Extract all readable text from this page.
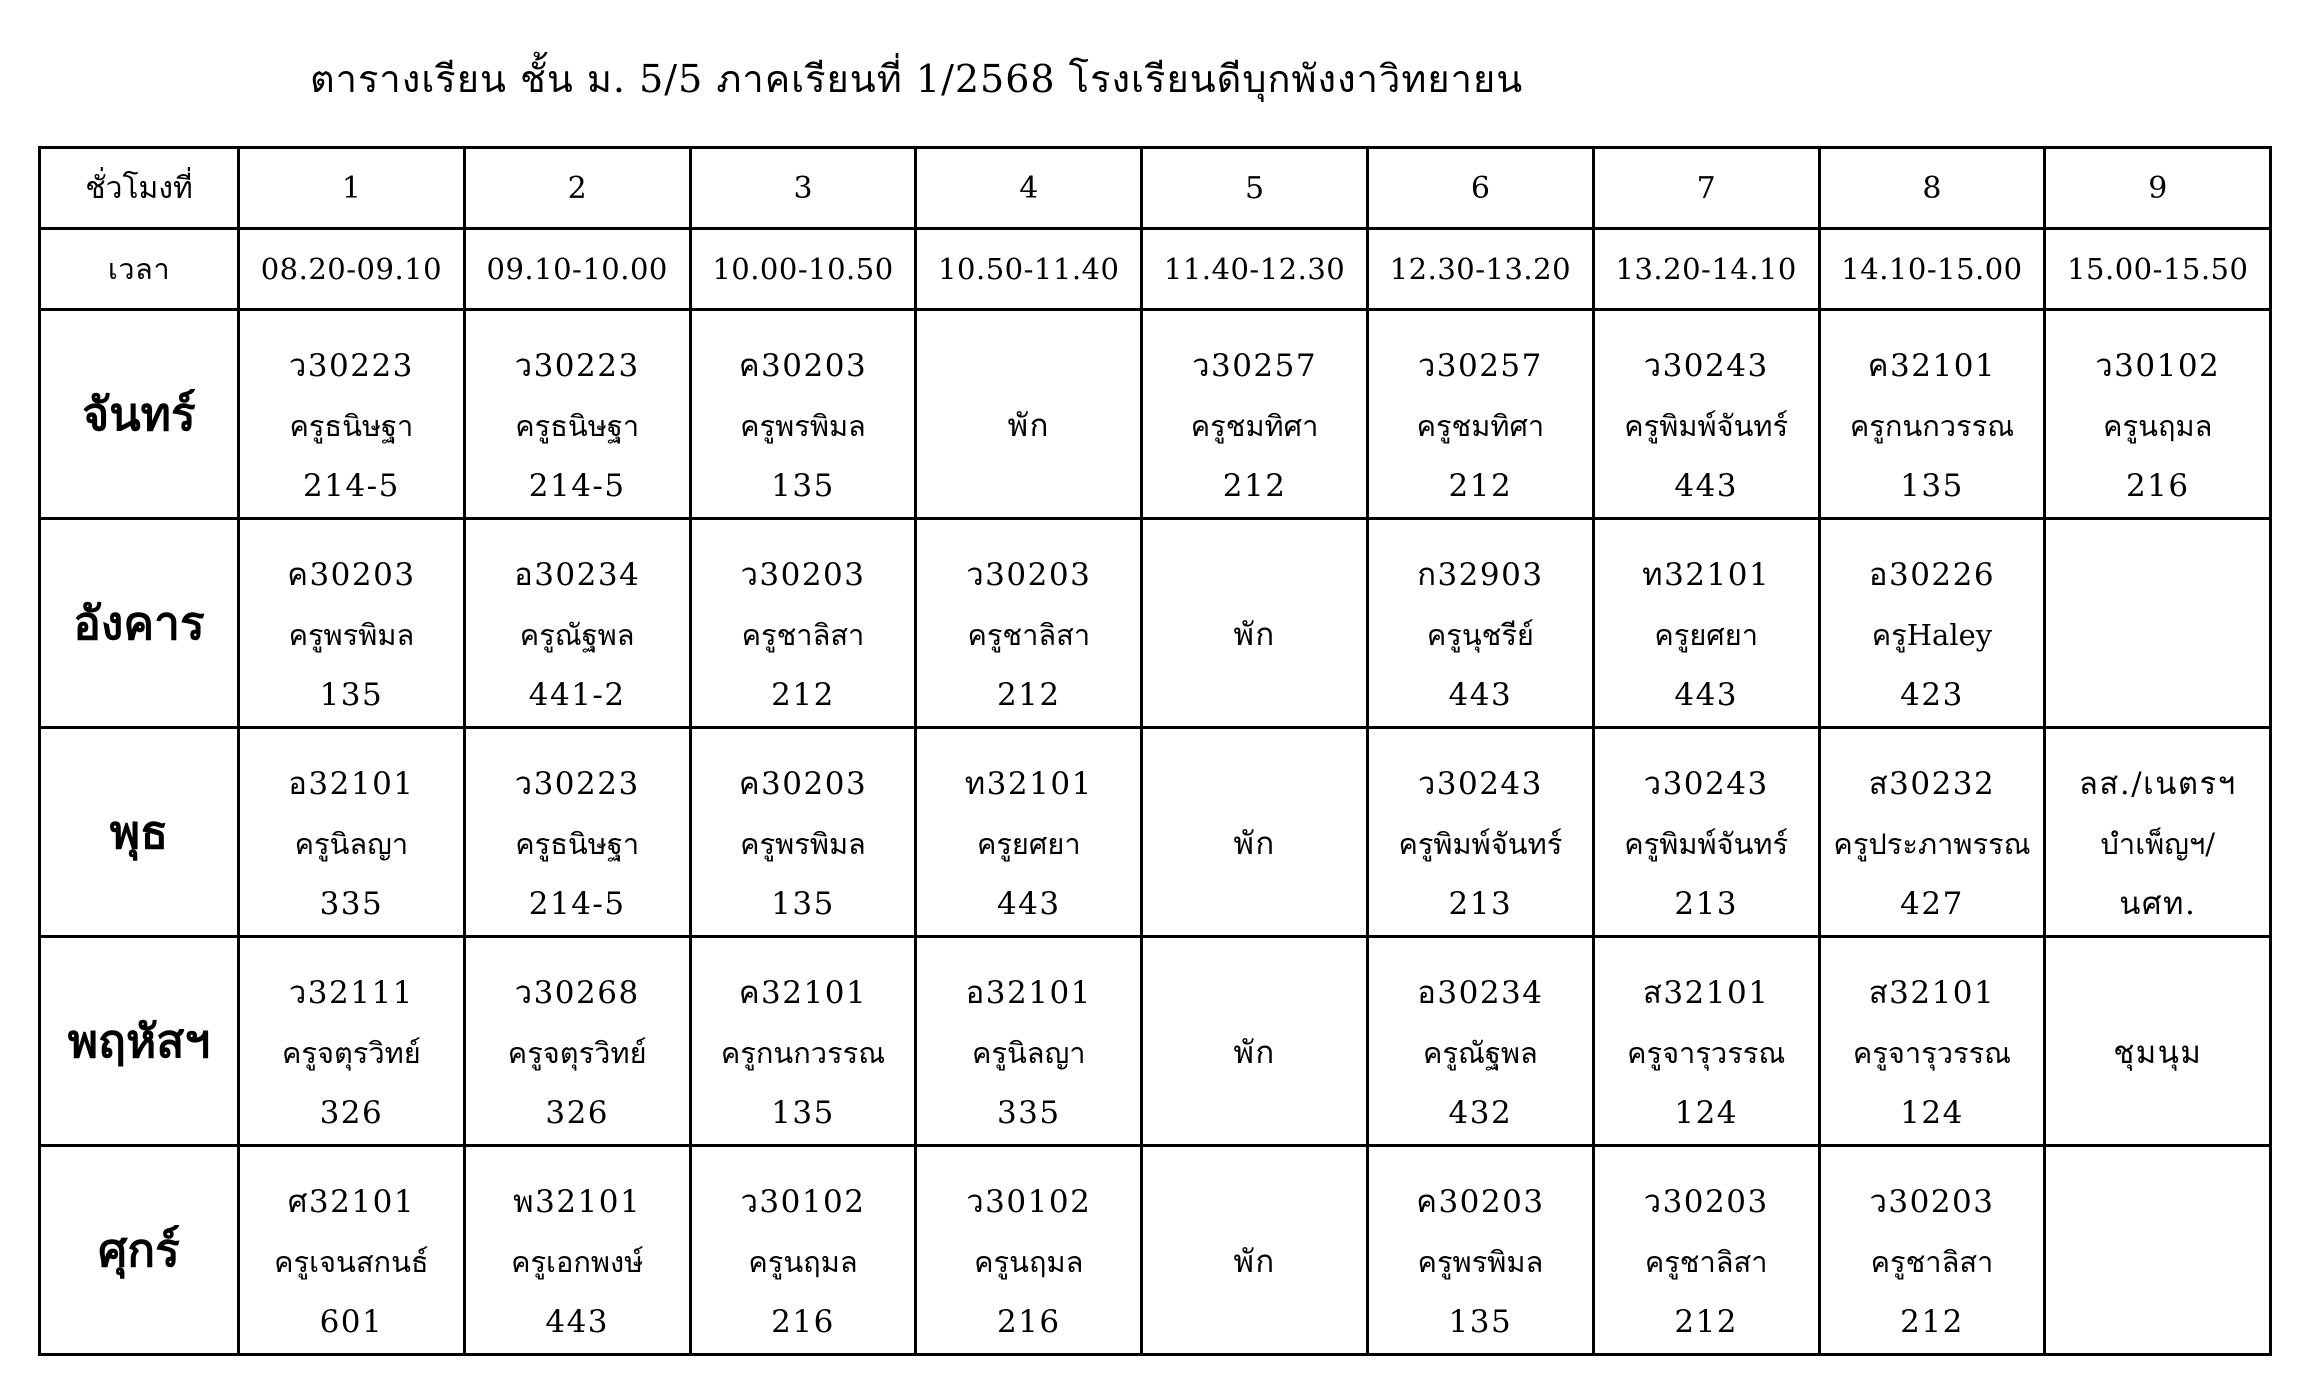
ตารางเรียน ชั้น ม. 5/5 ภาคเรียนที่ 1/2568 โรงเรียนดีบุกพังงาวิทยายน
ชั่วโมงที่	1	2	3	4	5	6	7	8	9
เวลา	08.20-09.10	09.10-10.00	10.00-10.50	10.50-11.40	11.40-12.30	12.30-13.20	13.20-14.10	14.10-15.00	15.00-15.50
จันทร์	ว30223
ครูธนิษฐา
214-5	ว30223
ครูธนิษฐา
214-5	ค30203
ครูพรพิมล
135	พัก	ว30257
ครูชมทิศา
212	ว30257
ครูชมทิศา
212	ว30243
ครูพิมพ์จันทร์
443	ค32101
ครูกนกวรรณ
135	ว30102
ครูนฤมล
216

อังคาร	ค30203
ครูพรพิมล
135	อ30234
ครูณัฐพล
441-2	ว30203
ครูชาลิสา
212	ว30203
ครูชาลิสา
212	พัก	ก32903
ครูนุชรีย์
443	ท32101
ครูยศยา
443	อ30226
ครูHaley
423	

พุธ	อ32101
ครูนิลญา
335	ว30223
ครูธนิษฐา
214-5	ค30203
ครูพรพิมล
135	ท32101
ครูยศยา
443	พัก	ว30243
ครูพิมพ์จันทร์
213	ว30243
ครูพิมพ์จันทร์
213	ส30232
ครูประภาพรรณ
427	ลส./เนตรฯ
บำเพ็ญฯ/
นศท.

พฤหัสฯ	ว32111
ครูจตุรวิทย์
326	ว30268
ครูจตุรวิทย์
326	ค32101
ครูกนกวรรณ
135	อ32101
ครูนิลญา
335	พัก	อ30234
ครูณัฐพล
432	ส32101
ครูจารุวรรณ
124	ส32101
ครูจารุวรรณ
124	ชุมนุม

ศุกร์	ศ32101
ครูเจนสกนธ์
601	พ32101
ครูเอกพงษ์
443	ว30102
ครูนฤมล
216	ว30102
ครูนฤมล
216	พัก	ค30203
ครูพรพิมล
135	ว30203
ครูชาลิสา
212	ว30203
ครูชาลิสา
212	
